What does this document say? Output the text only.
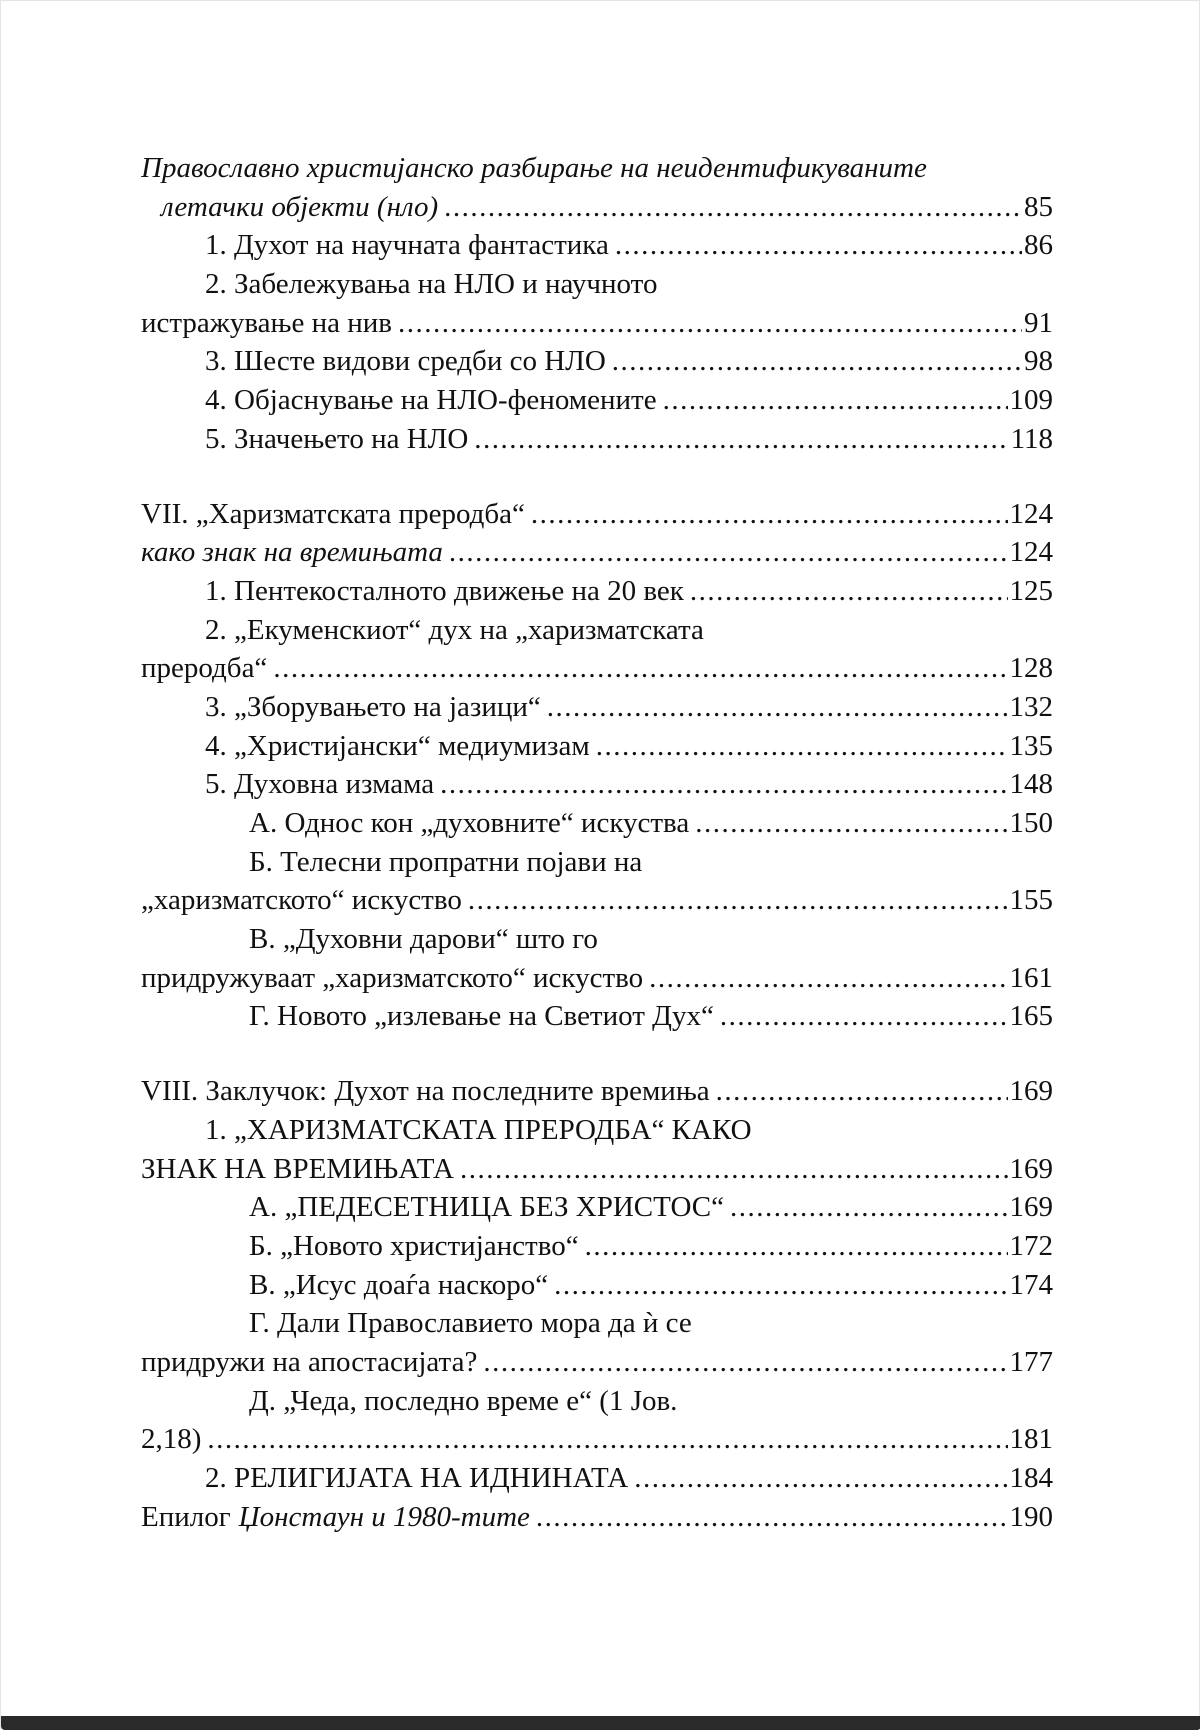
Православно христијанско разбирање на неидентификуваните
летачки објекти (нло) .....	85
1. Духот на научната фантастика .....	86
2. Забележувања на НЛО и научното
истражување на нив .....	91
3. Шесте видови средби со НЛО .....	98
4. Објаснување на НЛО-феномените .....	109
5. Значењето на НЛО .....	118
VII. „Харизматската преродба“ .....	124
како знак на времињата .....	124
1. Пентекосталното движење на 20 век .....	125
2. „Екуменскиот“ дух на „харизматската
преродба“ .....	128
3. „Зборувањето на јазици“ .....	132
4. „Христијански“ медиумизам .....	135
5. Духовна измама .....	148
А. Однос кон „духовните“ искуства .....	150
Б. Телесни пропратни појави на
„харизматското“ искуство .....	155
В. „Духовни дарови“ што го
придружуваат „харизматското“ искуство .....	161
Г. Новото „излевање на Светиот Дух“ .....	165
VIII. Заклучок: Духот на последните времиња .....	169
1. „ХАРИЗМАТСКАТА ПРЕРОДБА“ КАКО
ЗНАК НА ВРЕМИЊАТА .....	169
А. „ПЕДЕСЕТНИЦА БЕЗ ХРИСТОС“ .....	169
Б. „Новото христијанство“ .....	172
В. „Исус доаѓа наскоро“ .....	174
Г. Дали Православието мора да ѝ се
придружи на апостасијата? .....	177
Д. „Чеда, последно време е“ (1 Јов.
2,18) .....	181
2. РЕЛИГИЈАТА НА ИДНИНАТА .....	184
Епилог Џонстаун и 1980-тите .....	190
